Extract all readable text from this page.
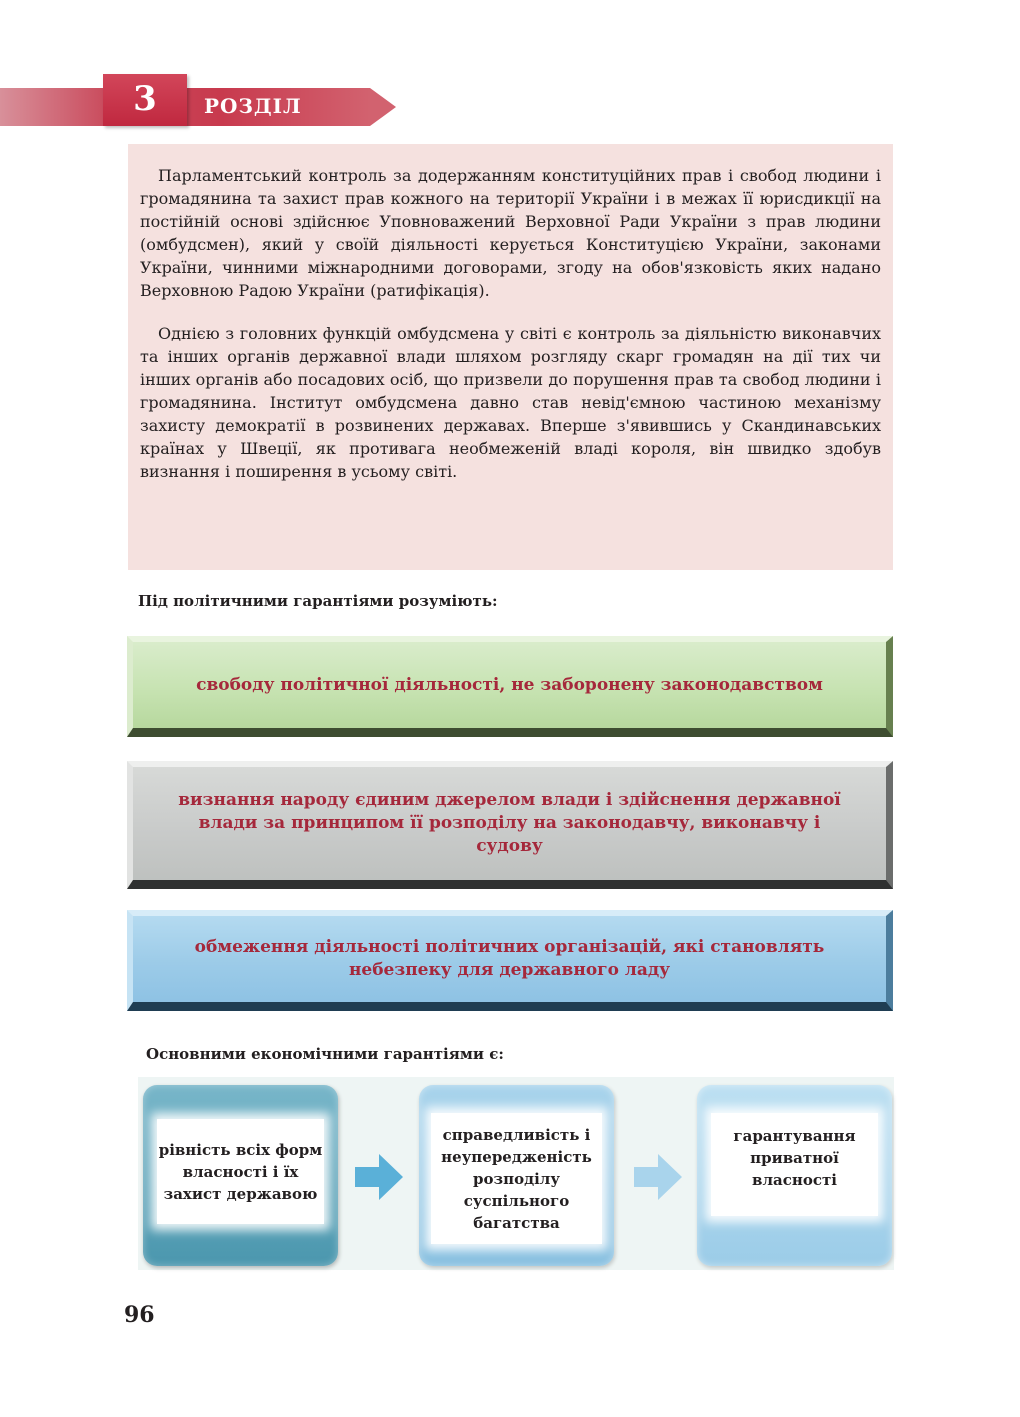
3	РОЗДІЛ

Парламентський контроль за додержанням конституційних прав і свобод людини і громадянина та захист прав кожного на території України і в межах її юрисдикції на постійній основі здійснює Уповноважений Верховної Ради України з прав людини (омбудсмен), який у своїй діяльності керується Конституцією України, законами України, чинними міжнародними договорами, згоду на обов'язковість яких надано Верховною Радою України (ратифікація).

Однією з головних функцій омбудсмена у світі є контроль за діяльністю виконавчих та інших органів державної влади шляхом розгляду скарг громадян на дії тих чи інших органів або посадових осіб, що призвели до порушення прав та свобод людини і громадянина. Інститут омбудсмена давно став невід'ємною частиною механізму захисту демократії в розвинених державах. Вперше з'явившись у Скандинавських країнах у Швеції, як противага необмеженій владі короля, він швидко здобув визнання і поширення в усьому світі.

Під політичними гарантіями розуміють:
свободу політичної діяльності, не заборонену законодавством
визнання народу єдиним джерелом влади і здійснення державної влади за принципом її розподілу на законодавчу, виконавчу і судову
обмеження діяльності політичних організацій, які становлять небезпеку для державного ладу
Основними економічними гарантіями є:
рівність всіх форм власності і їх захист державою
справедливість і неупередженість розподілу суспільного багатства
гарантування приватної власності
96
